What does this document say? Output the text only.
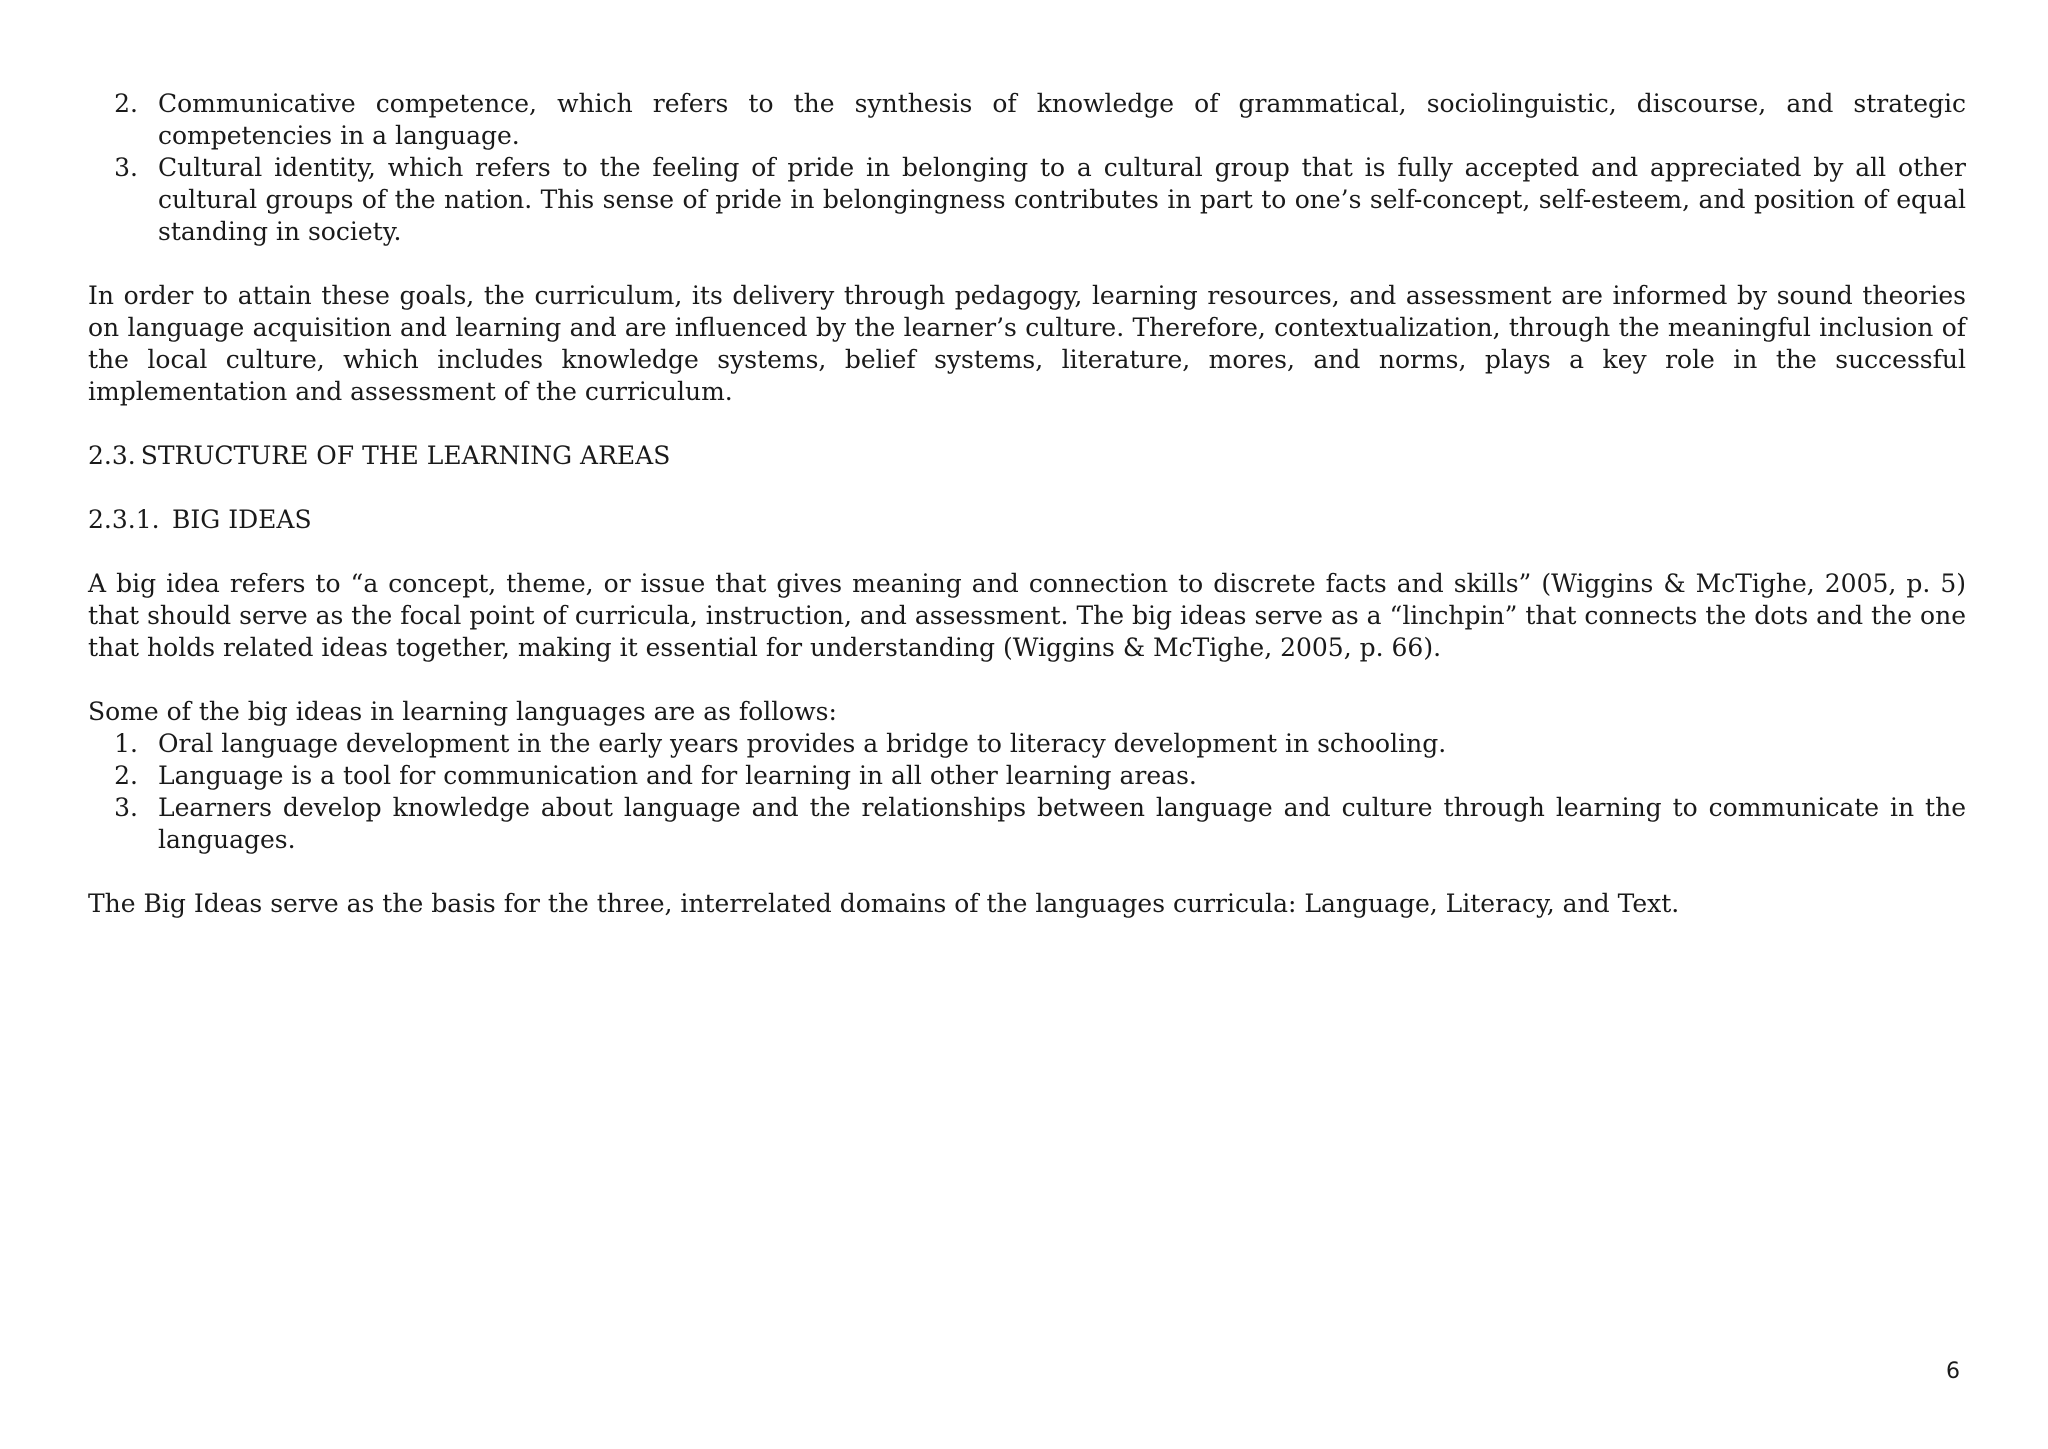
2. Communicative competence, which refers to the synthesis of knowledge of grammatical, sociolinguistic, discourse, and strategic competencies in a language.
3. Cultural identity, which refers to the feeling of pride in belonging to a cultural group that is fully accepted and appreciated by all other cultural groups of the nation. This sense of pride in belongingness contributes in part to one’s self-concept, self-esteem, and position of equal standing in society.

In order to attain these goals, the curriculum, its delivery through pedagogy, learning resources, and assessment are informed by sound theories on language acquisition and learning and are influenced by the learner’s culture. Therefore, contextualization, through the meaningful inclusion of the local culture, which includes knowledge systems, belief systems, literature, mores, and norms, plays a key role in the successful implementation and assessment of the curriculum.

2.3. STRUCTURE OF THE LEARNING AREAS
2.3.1. BIG IDEAS

A big idea refers to “a concept, theme, or issue that gives meaning and connection to discrete facts and skills” (Wiggins & McTighe, 2005, p. 5) that should serve as the focal point of curricula, instruction, and assessment. The big ideas serve as a “linchpin” that connects the dots and the one that holds related ideas together, making it essential for understanding (Wiggins & McTighe, 2005, p. 66).

Some of the big ideas in learning languages are as follows:

1. Oral language development in the early years provides a bridge to literacy development in schooling.
2. Language is a tool for communication and for learning in all other learning areas.
3. Learners develop knowledge about language and the relationships between language and culture through learning to communicate in the languages.

The Big Ideas serve as the basis for the three, interrelated domains of the languages curricula: Language, Literacy, and Text.

6
